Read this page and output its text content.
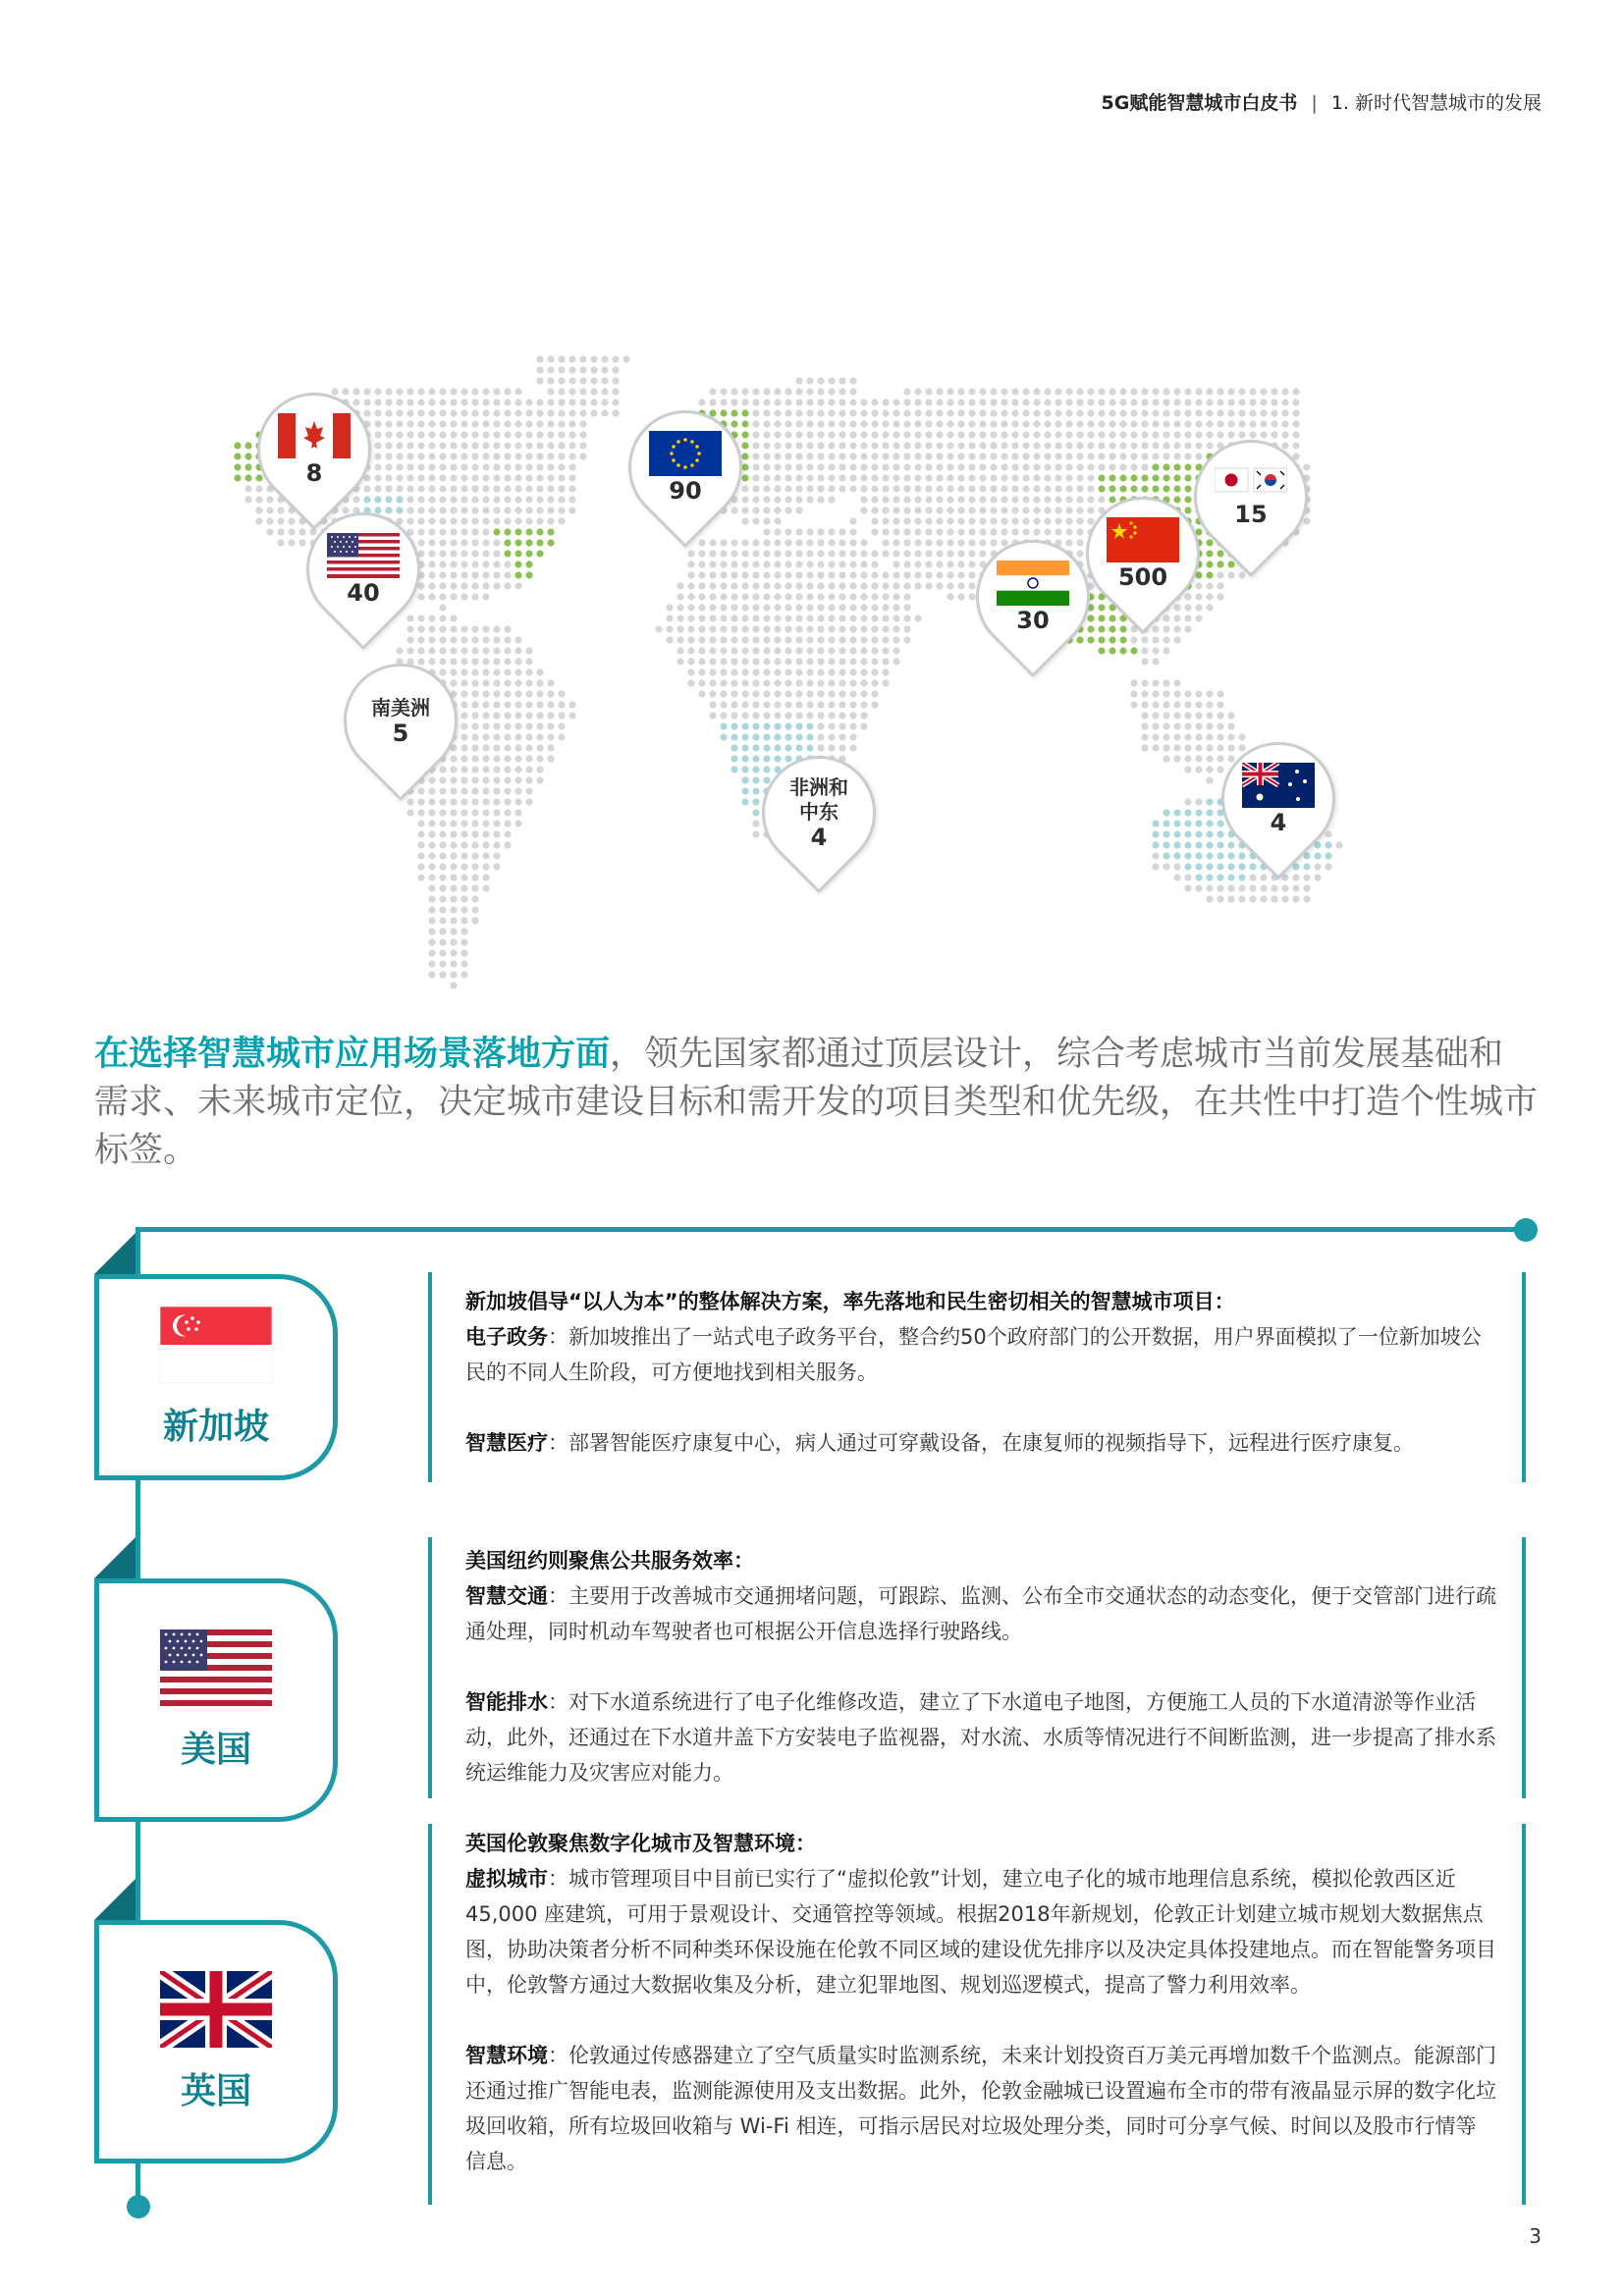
5G赋能智慧城市白皮书 | 1. 新时代智慧城市的发展
8
40
南美洲
5
90
非洲和
中东
4
30
500
15
4
在选择智慧城市应用场景落地方面，领先国家都通过顶层设计，综合考虑城市当前发展基础和需求、未来城市定位，决定城市建设目标和需开发的项目类型和优先级，在共性中打造个性城市标签。
新加坡
美国
英国

新加坡倡导“以人为本”的整体解决方案，率先落地和民生密切相关的智慧城市项目：

电子政务：新加坡推出了一站式电子政务平台，整合约50个政府部门的公开数据，用户界面模拟了一位新加坡公民的不同人生阶段，可方便地找到相关服务。

智慧医疗：部署智能医疗康复中心，病人通过可穿戴设备，在康复师的视频指导下，远程进行医疗康复。

美国纽约则聚焦公共服务效率：

智慧交通：主要用于改善城市交通拥堵问题，可跟踪、监测、公布全市交通状态的动态变化，便于交管部门进行疏通处理，同时机动车驾驶者也可根据公开信息选择行驶路线。

智能排水：对下水道系统进行了电子化维修改造，建立了下水道电子地图，方便施工人员的下水道清淤等作业活动，此外，还通过在下水道井盖下方安装电子监视器，对水流、水质等情况进行不间断监测，进一步提高了排水系统运维能力及灾害应对能力。

英国伦敦聚焦数字化城市及智慧环境：

虚拟城市：城市管理项目中目前已实行了“虚拟伦敦”计划，建立电子化的城市地理信息系统，模拟伦敦西区近 45,000 座建筑，可用于景观设计、交通管控等领域。根据2018年新规划，伦敦正计划建立城市规划大数据焦点图，协助决策者分析不同种类环保设施在伦敦不同区域的建设优先排序以及决定具体投建地点。而在智能警务项目中，伦敦警方通过大数据收集及分析，建立犯罪地图、规划巡逻模式，提高了警力利用效率。

智慧环境：伦敦通过传感器建立了空气质量实时监测系统，未来计划投资百万美元再增加数千个监测点。能源部门还通过推广智能电表，监测能源使用及支出数据。此外，伦敦金融城已设置遍布全市的带有液晶显示屏的数字化垃圾回收箱，所有垃圾回收箱与 Wi-Fi 相连，可指示居民对垃圾处理分类，同时可分享气候、时间以及股市行情等信息。

3
